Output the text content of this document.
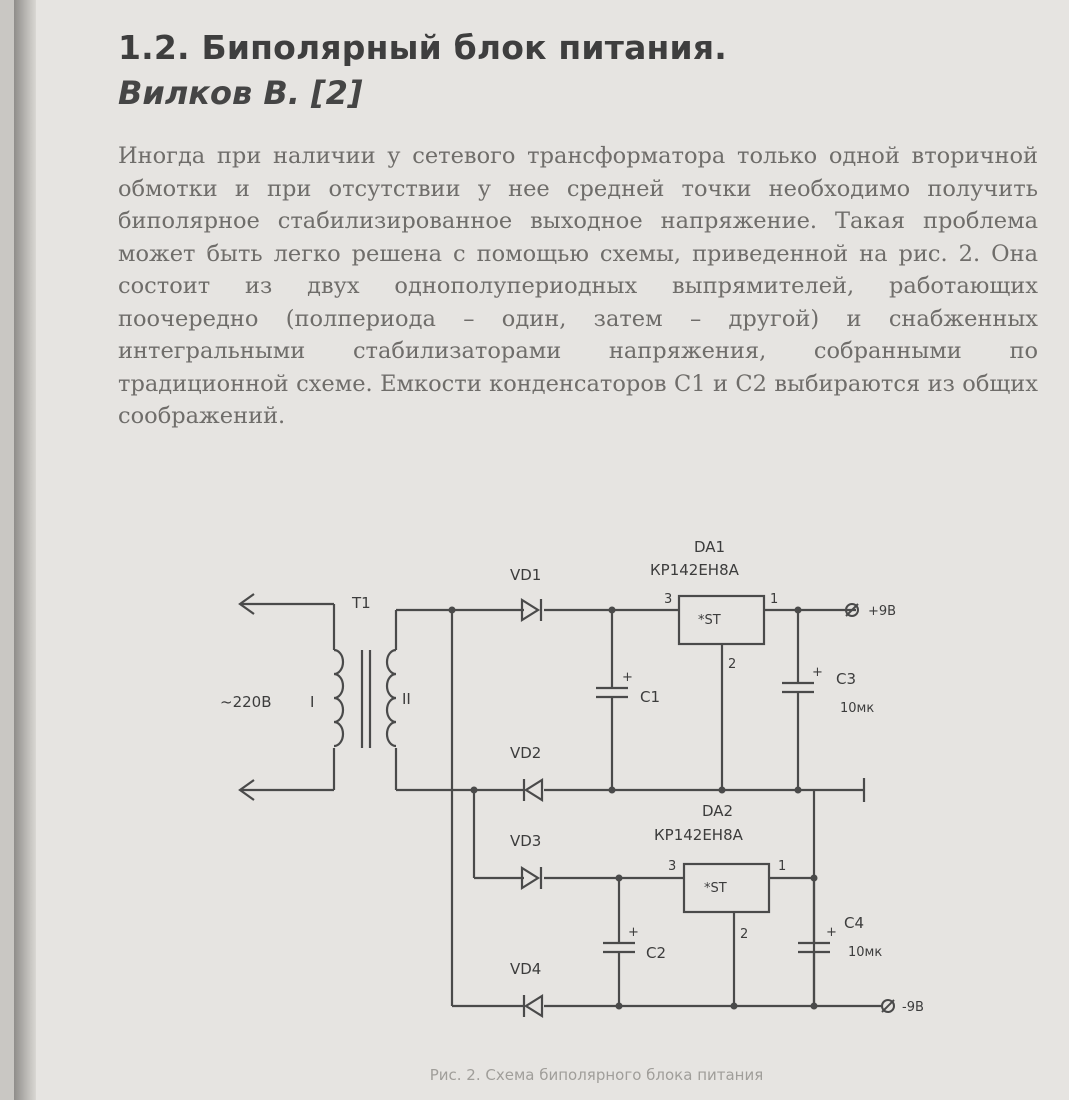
1.2. Биполярный блок питания.
Вилков В. [2]

Иногда при наличии у сетевого трансформатора только одной вторичной обмотки и при отсутствии у нее средней точки необходимо получить биполярное стабилизированное выходное напряжение. Такая проблема может быть легко решена с помощью схемы, приведенной на рис. 2. Она состоит из двух однополупериодных выпрямителей, работающих поочередно (полпериода – один, затем – другой) и снабженных интегральными стабилизаторами напряжения, собранными по традиционной схеме. Емкости конденсаторов С1 и С2 выбираются из общих соображений.

~220В	I
T1
II
+9В
VD1
*ST
DA1
КР142ЕН8А
3	1
2
+
С1
+ С3
10мк
VD2
VD3
*ST
DA2
КР142ЕН8А
3	1
2
+
С2
+
С4
10мк
-9В
VD4
Рис. 2. Схема биполярного блока питания
